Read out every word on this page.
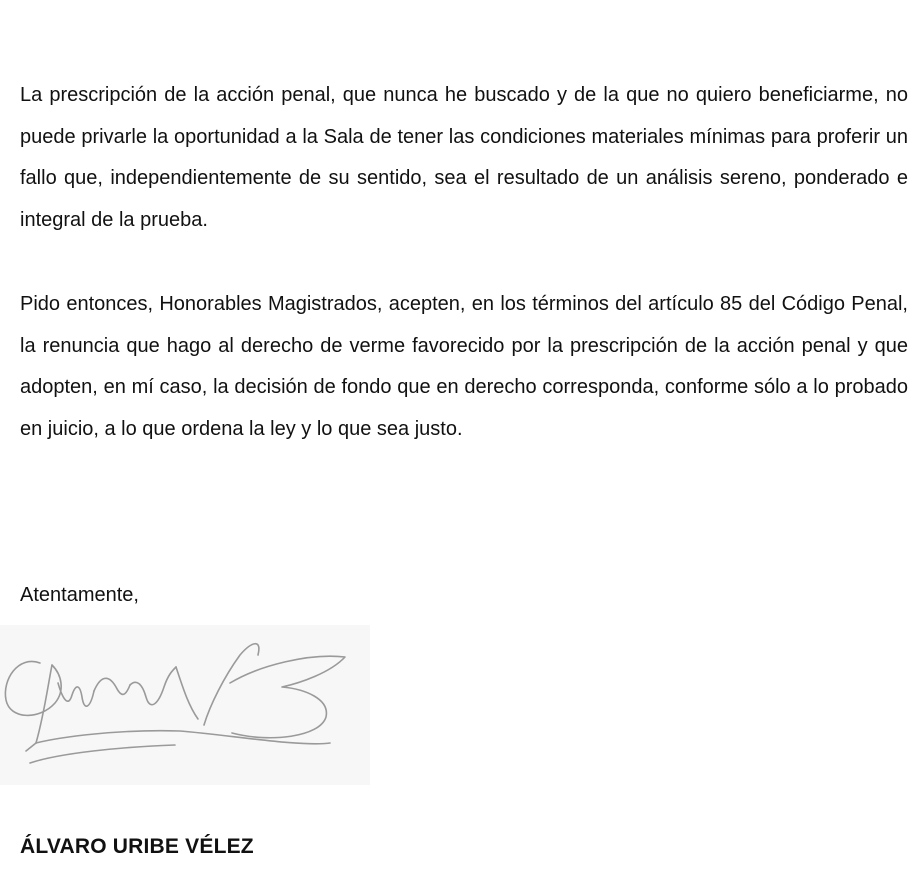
La prescripción de la acción penal, que nunca he buscado y de la que no quiero beneficiarme, no puede privarle la oportunidad a la Sala de tener las condiciones materiales mínimas para proferir un fallo que, independientemente de su sentido, sea el resultado de un análisis sereno, ponderado e integral de la prueba.

Pido entonces, Honorables Magistrados, acepten, en los términos del artículo 85 del Código Penal, la renuncia que hago al derecho de verme favorecido por la prescripción de la acción penal y que adopten, en mí caso, la decisión de fondo que en derecho corresponda, conforme sólo a lo probado en juicio, a lo que ordena la ley y lo que sea justo.

Atentamente,

ÁLVARO URIBE VÉLEZ
